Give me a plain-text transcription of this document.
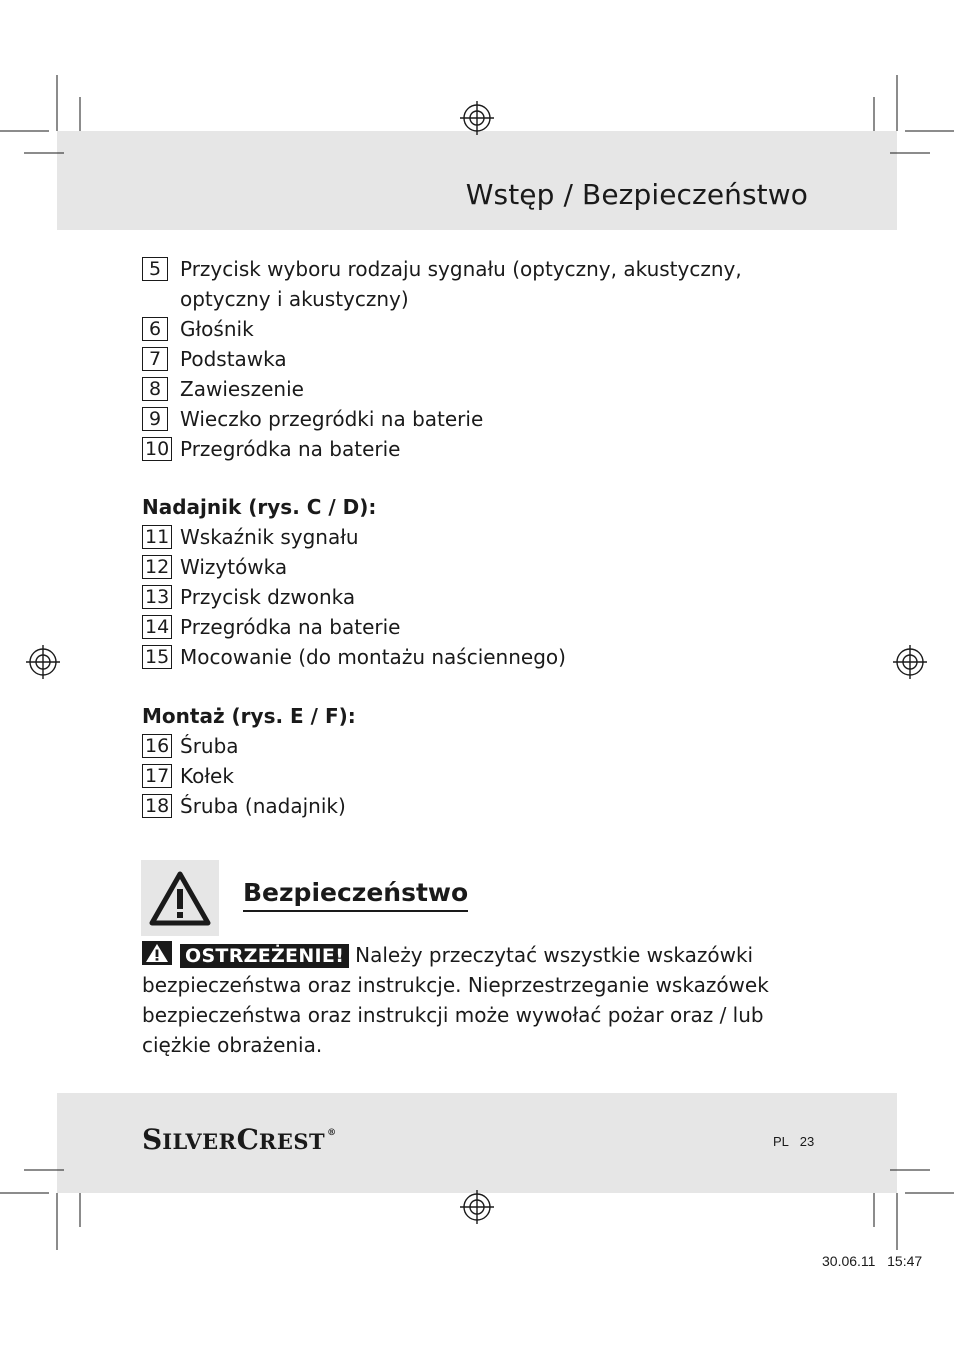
Wstęp / Bezpieczeństwo
5 Przycisk wyboru rodzaju sygnału (optyczny, akustyczny, optyczny i akustyczny)
6 Głośnik
7 Podstawka
8 Zawieszenie
9 Wieczko przegródki na baterie
10 Przegródka na baterie
Nadajnik (rys. C / D):
11 Wskaźnik sygnału
12 Wizytówka
13 Przycisk dzwonka
14 Przegródka na baterie
15 Mocowanie (do montażu naściennego)
Montaż (rys. E / F):
16 Śruba
17 Kołek
18 Śruba (nadajnik)
Bezpieczeństwo
OSTRZEŻENIE! Należy przeczytać wszystkie wskazówki bezpieczeństwa oraz instrukcje. Nieprzestrzeganie wskazówek bezpieczeństwa oraz instrukcji może wywołać pożar oraz / lub ciężkie obrażenia.
SILVERCREST ®
PL 23
30.06.11   15:47
